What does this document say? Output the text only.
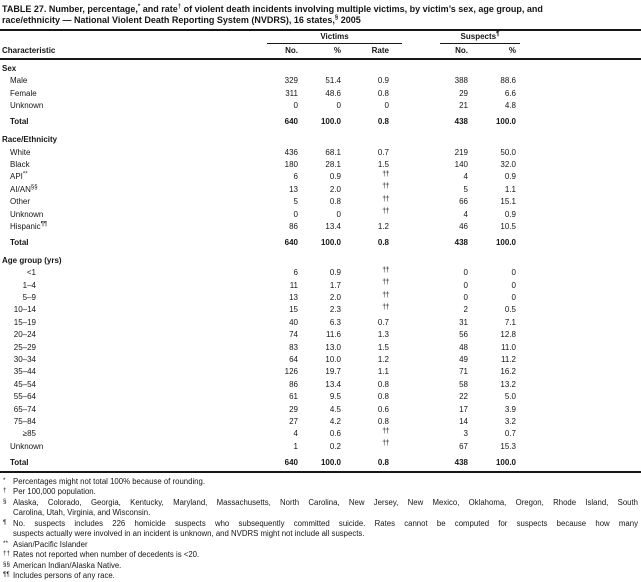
TABLE 27. Number, percentage,* and rate† of violent death incidents involving multiple victims, by victim’s sex, age group, and
race/ethnicity — National Violent Death Reporting System (NVDRS), 16 states,§ 2005
Victims	Suspects¶
Characteristic	No.	%	Rate	No.	%
Sex						
Male	329	51.4	0.9	388	88.6	
Female	311	48.6	0.8	29	6.6	
Unknown	0	0	0	21	4.8	
Total	640	100.0	0.8	438	100.0	
Race/Ethnicity						
White	436	68.1	0.7	219	50.0	
Black	180	28.1	1.5	140	32.0	
API**	6	0.9	††	4	0.9	
AI/AN§§	13	2.0	††	5	1.1	
Other	5	0.8	††	66	15.1	
Unknown	0	0	††	4	0.9	
Hispanic¶¶	86	13.4	1.2	46	10.5	
Total	640	100.0	0.8	438	100.0	
Age group (yrs)						
<1	6	0.9	††	0	0	
1–4	11	1.7	††	0	0	
5–9	13	2.0	††	0	0	
10–14	15	2.3	††	2	0.5	
15–19	40	6.3	0.7	31	7.1	
20–24	74	11.6	1.3	56	12.8	
25–29	83	13.0	1.5	48	11.0	
30–34	64	10.0	1.2	49	11.2	
35–44	126	19.7	1.1	71	16.2	
45–54	86	13.4	0.8	58	13.2	
55–64	61	9.5	0.8	22	5.0	
65–74	29	4.5	0.6	17	3.9	
75–84	27	4.2	0.8	14	3.2	
≥85	4	0.6	††	3	0.7	
Unknown	1	0.2	††	67	15.3	
Total	640	100.0	0.8	438	100.0	
* Percentages might not total 100% because of rounding.
† Per 100,000 population.
§ Alaska, Colorado, Georgia, Kentucky, Maryland, Massachusetts, North Carolina, New Jersey, New Mexico, Oklahoma, Oregon, Rhode Island, South
Carolina, Utah, Virginia, and Wisconsin.
¶ No. suspects includes 226 homicide suspects who subsequently committed suicide. Rates cannot be computed for suspects because how many
suspects actually were involved in an incident is unknown, and NVDRS might not include all suspects.
** Asian/Pacific Islander
†† Rates not reported when number of decedents is <20.
§§ American Indian/Alaska Native.
¶¶ Includes persons of any race.
